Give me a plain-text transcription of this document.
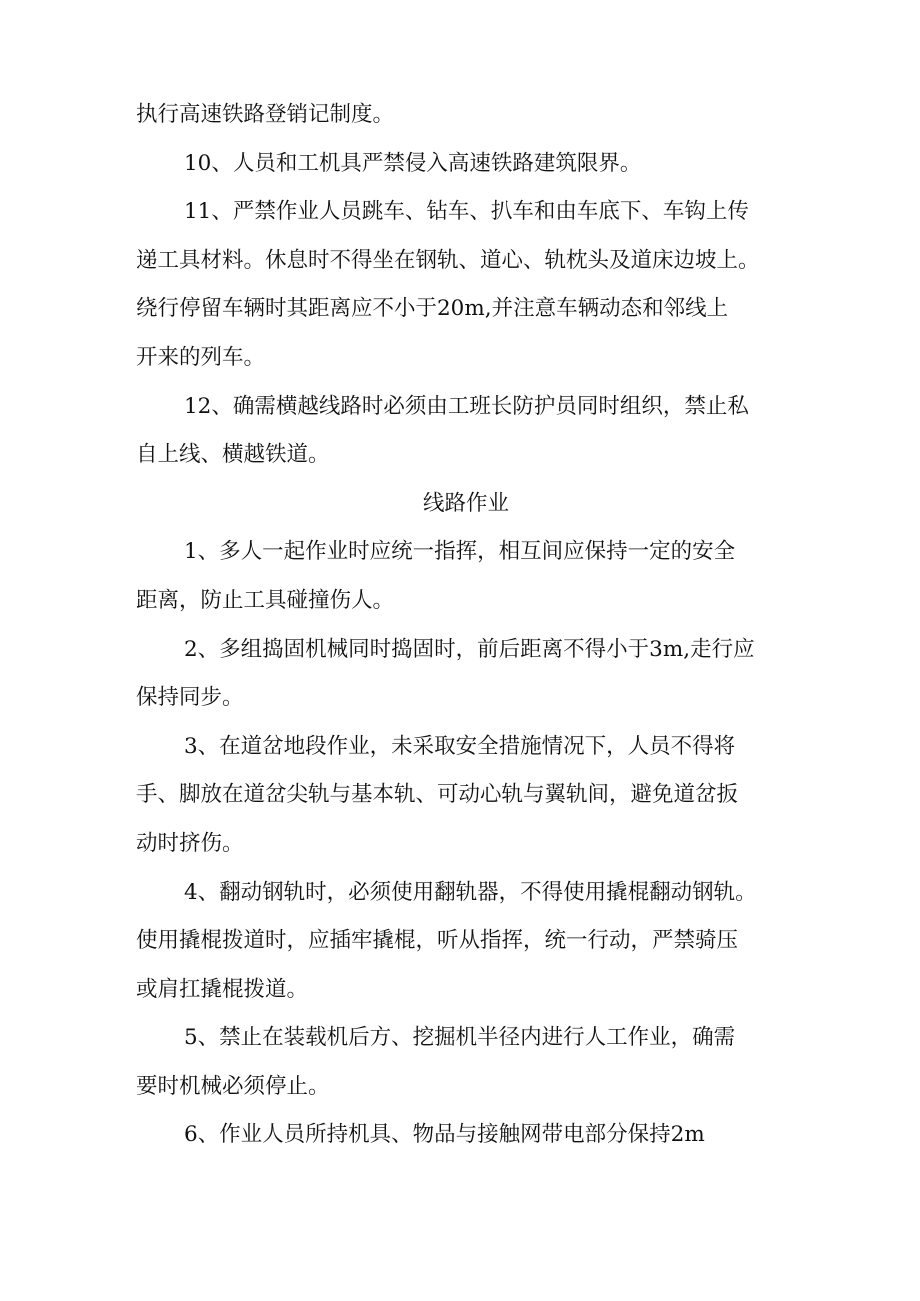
执行高速铁路登销记制度。
10、人员和工机具严禁侵入高速铁路建筑限界。
11、严禁作业人员跳车、钻车、扒车和由车底下、车钩上传
递工具材料。休息时不得坐在钢轨、道心、轨枕头及道床边坡上。
绕行停留车辆时其距离应不小于20m,并注意车辆动态和邻线上
开来的列车。
12、确需横越线路时必须由工班长防护员同时组织，禁止私
自上线、横越铁道。
线路作业
1、多人一起作业时应统一指挥，相互间应保持一定的安全
距离，防止工具碰撞伤人。
2、多组捣固机械同时捣固时，前后距离不得小于3m,走行应
保持同步。
3、在道岔地段作业，未采取安全措施情况下，人员不得将
手、脚放在道岔尖轨与基本轨、可动心轨与翼轨间，避免道岔扳
动时挤伤。
4、翻动钢轨时，必须使用翻轨器，不得使用撬棍翻动钢轨。
使用撬棍拨道时，应插牢撬棍，听从指挥，统一行动，严禁骑压
或肩扛撬棍拨道。
5、禁止在装载机后方、挖掘机半径内进行人工作业，确需
要时机械必须停止。
6、作业人员所持机具、物品与接触网带电部分保持2m
